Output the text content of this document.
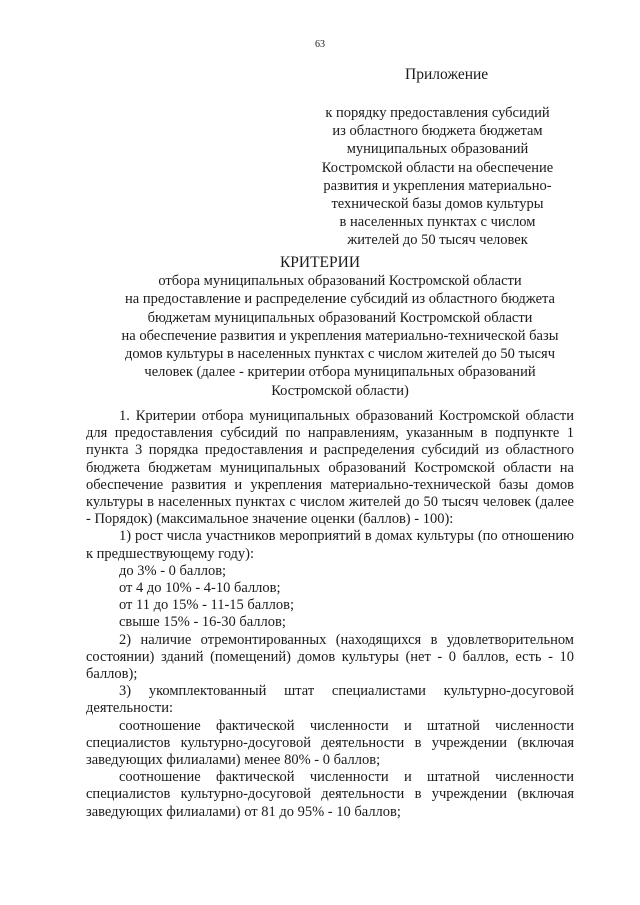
63
Приложение
к порядку предоставления субсидий
из областного бюджета бюджетам
муниципальных образований
Костромской области на обеспечение
развития и укрепления материально-
технической базы домов культуры
в населенных пунктах с числом
жителей до 50 тысяч человек
КРИТЕРИИ
отбора муниципальных образований Костромской области
на предоставление и распределение субсидий из областного бюджета
бюджетам муниципальных образований Костромской области
на обеспечение развития и укрепления материально-технической базы
домов культуры в населенных пунктах с числом жителей до 50 тысяч
человек (далее - критерии отбора муниципальных образований
Костромской области)
1. Критерии отбора муниципальных образований Костромской области для предоставления субсидий по направлениям, указанным в подпункте 1 пункта 3 порядка предоставления и распределения субсидий из областного бюджета бюджетам муниципальных образований Костромской области на обеспечение развития и укрепления материально-технической базы домов культуры в населенных пунктах с числом жителей до 50 тысяч человек (далее - Порядок) (максимальное значение оценки (баллов) - 100):
1) рост числа участников мероприятий в домах культуры (по отношению к предшествующему году):
до 3% - 0 баллов;
от 4 до 10% - 4-10 баллов;
от 11 до 15% - 11-15 баллов;
свыше 15% - 16-30 баллов;
2) наличие отремонтированных (находящихся в удовлетворительном состоянии) зданий (помещений) домов культуры (нет - 0 баллов, есть - 10 баллов);
3) укомплектованный штат специалистами культурно-досуговой деятельности:
соотношение фактической численности и штатной численности специалистов культурно-досуговой деятельности в учреждении (включая заведующих филиалами) менее 80% - 0 баллов;
соотношение фактической численности и штатной численности специалистов культурно-досуговой деятельности в учреждении (включая заведующих филиалами) от 81 до 95% - 10 баллов;
